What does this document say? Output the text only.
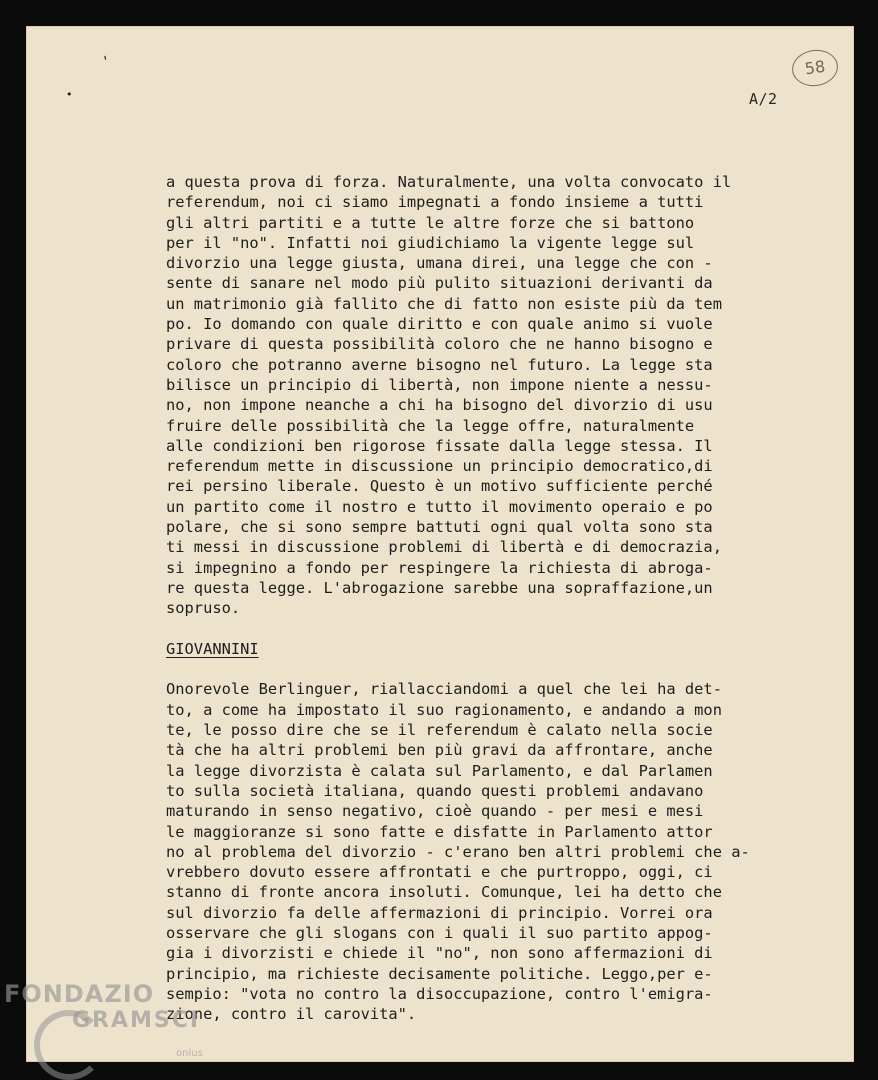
'
•
58
A/2
a questa prova di forza. Naturalmente, una volta convocato il
referendum, noi ci siamo impegnati a fondo insieme a tutti
gli altri partiti e a tutte le altre forze che si battono
per il "no". Infatti noi giudichiamo la vigente legge sul
divorzio una legge giusta, umana direi, una legge che con -
sente di sanare nel modo più pulito situazioni derivanti da
un matrimonio già fallito che di fatto non esiste più da tem
po. Io domando con quale diritto e con quale animo si vuole
privare di questa possibilità coloro che ne hanno bisogno e
coloro che potranno averne bisogno nel futuro. La legge sta
bilisce un principio di libertà, non impone niente a nessu-
no, non impone neanche a chi ha bisogno del divorzio di usu
fruire delle possibilità che la legge offre, naturalmente
alle condizioni ben rigorose fissate dalla legge stessa. Il
referendum mette in discussione un principio democratico,di
rei persino liberale. Questo è un motivo sufficiente perché
un partito come il nostro e tutto il movimento operaio e po
polare, che si sono sempre battuti ogni qual volta sono sta
ti messi in discussione problemi di libertà e di democrazia,
si impegnino a fondo per respingere la richiesta di abroga-
re questa legge. L'abrogazione sarebbe una sopraffazione,un
sopruso.
GIOVANNINI
Onorevole Berlinguer, riallacciandomi a quel che lei ha det-
to, a come ha impostato il suo ragionamento, e andando a mon
te, le posso dire che se il referendum è calato nella socie
tà che ha altri problemi ben più gravi da affrontare, anche
la legge divorzista è calata sul Parlamento, e dal Parlamen
to sulla società italiana, quando questi problemi andavano
maturando in senso negativo, cioè quando - per mesi e mesi
le maggioranze si sono fatte e disfatte in Parlamento attor
no al problema del divorzio - c'erano ben altri problemi che a-
vrebbero dovuto essere affrontati e che purtroppo, oggi, ci
stanno di fronte ancora insoluti. Comunque, lei ha detto che
sul divorzio fa delle affermazioni di principio. Vorrei ora
osservare che gli slogans con i quali il suo partito appog-
gia i divorzisti e chiede il "no", non sono affermazioni di
principio, ma richieste decisamente politiche. Leggo,per e-
sempio: "vota no contro la disoccupazione, contro l'emigra-
zione, contro il carovita".
FONDAZIO
GRAMSCI
onlus
